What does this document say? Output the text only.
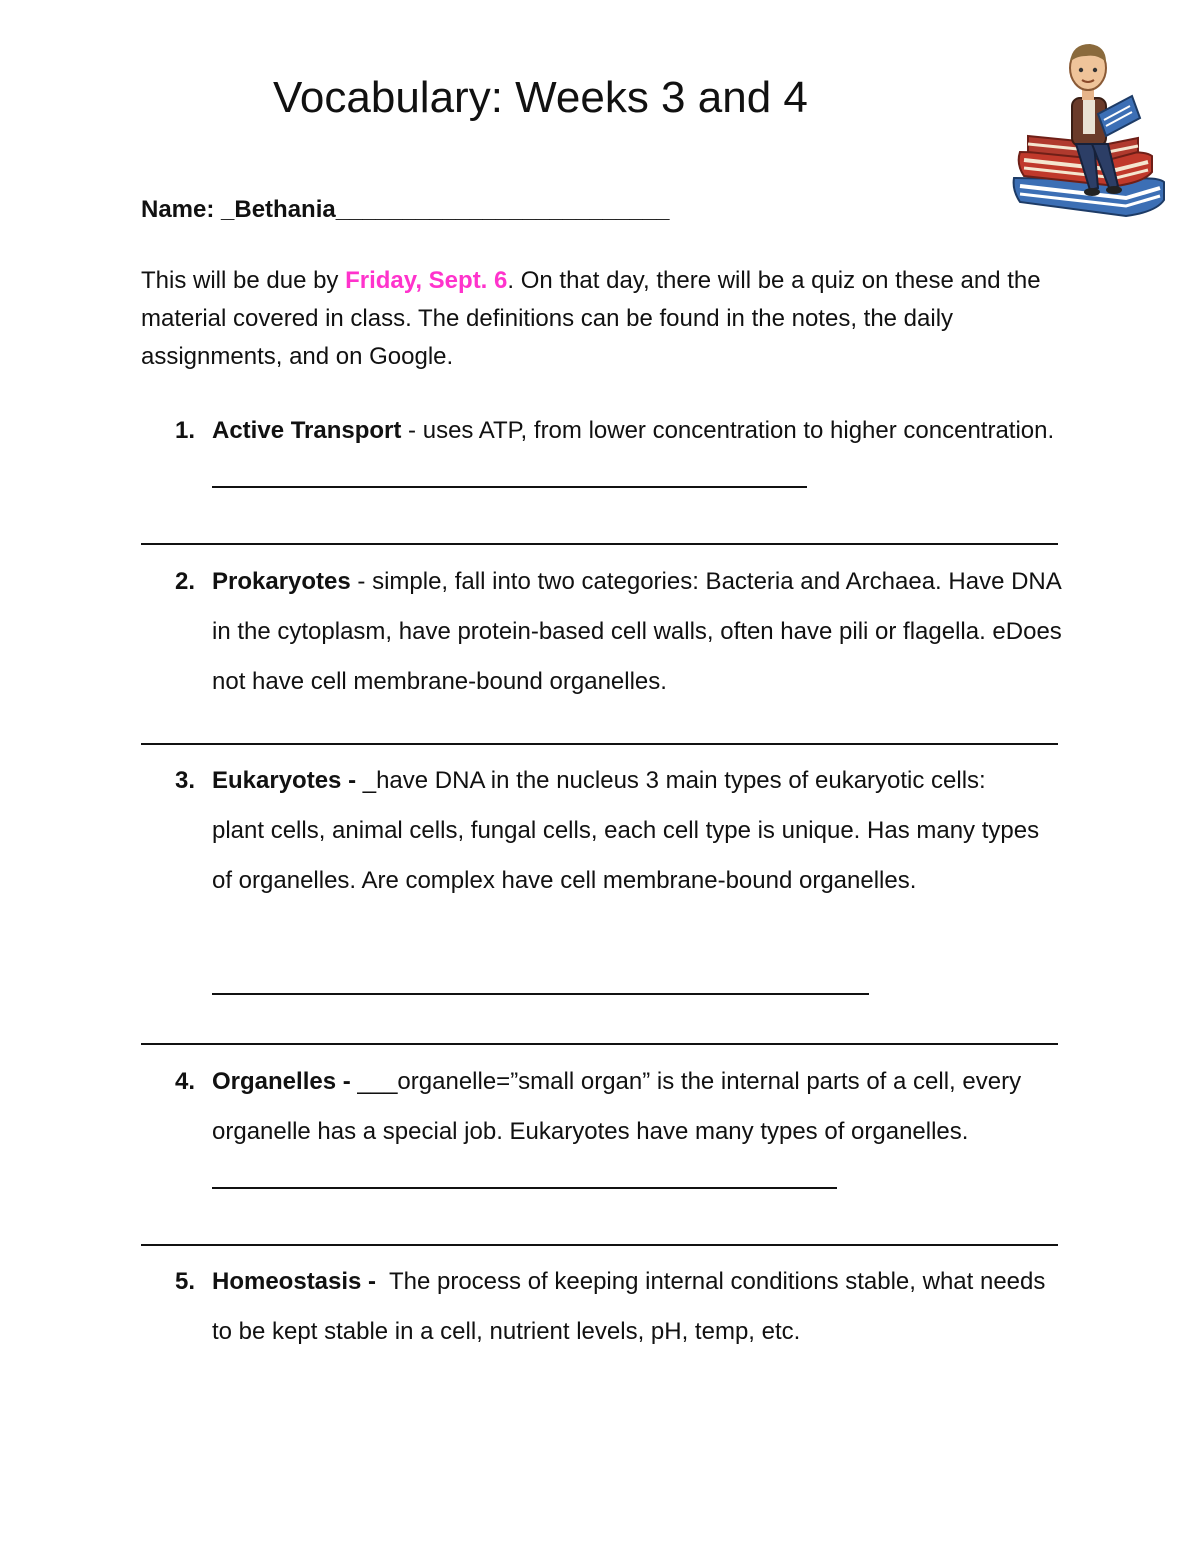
Vocabulary: Weeks 3 and 4
Name: _Bethania_________________________
This will be due by Friday, Sept. 6. On that day, there will be a quiz on these and the material covered in class. The definitions can be found in the notes, the daily assignments, and on Google.
1. Active Transport - uses ATP, from lower concentration to higher concentration.
2. Prokaryotes - simple, fall into two categories: Bacteria and Archaea. Have DNA in the cytoplasm, have protein-based cell walls, often have pili or flagella. eDoes not have cell membrane-bound organelles.
3. Eukaryotes - _have DNA in the nucleus 3 main types of eukaryotic cells: plant cells, animal cells, fungal cells, each cell type is unique. Has many types of organelles. Are complex have cell membrane-bound organelles.
4. Organelles - ___organelle=”small organ” is the internal parts of a cell, every organelle has a special job. Eukaryotes have many types of organelles.
5. Homeostasis - The process of keeping internal conditions stable, what needs to be kept stable in a cell, nutrient levels, pH, temp, etc.
